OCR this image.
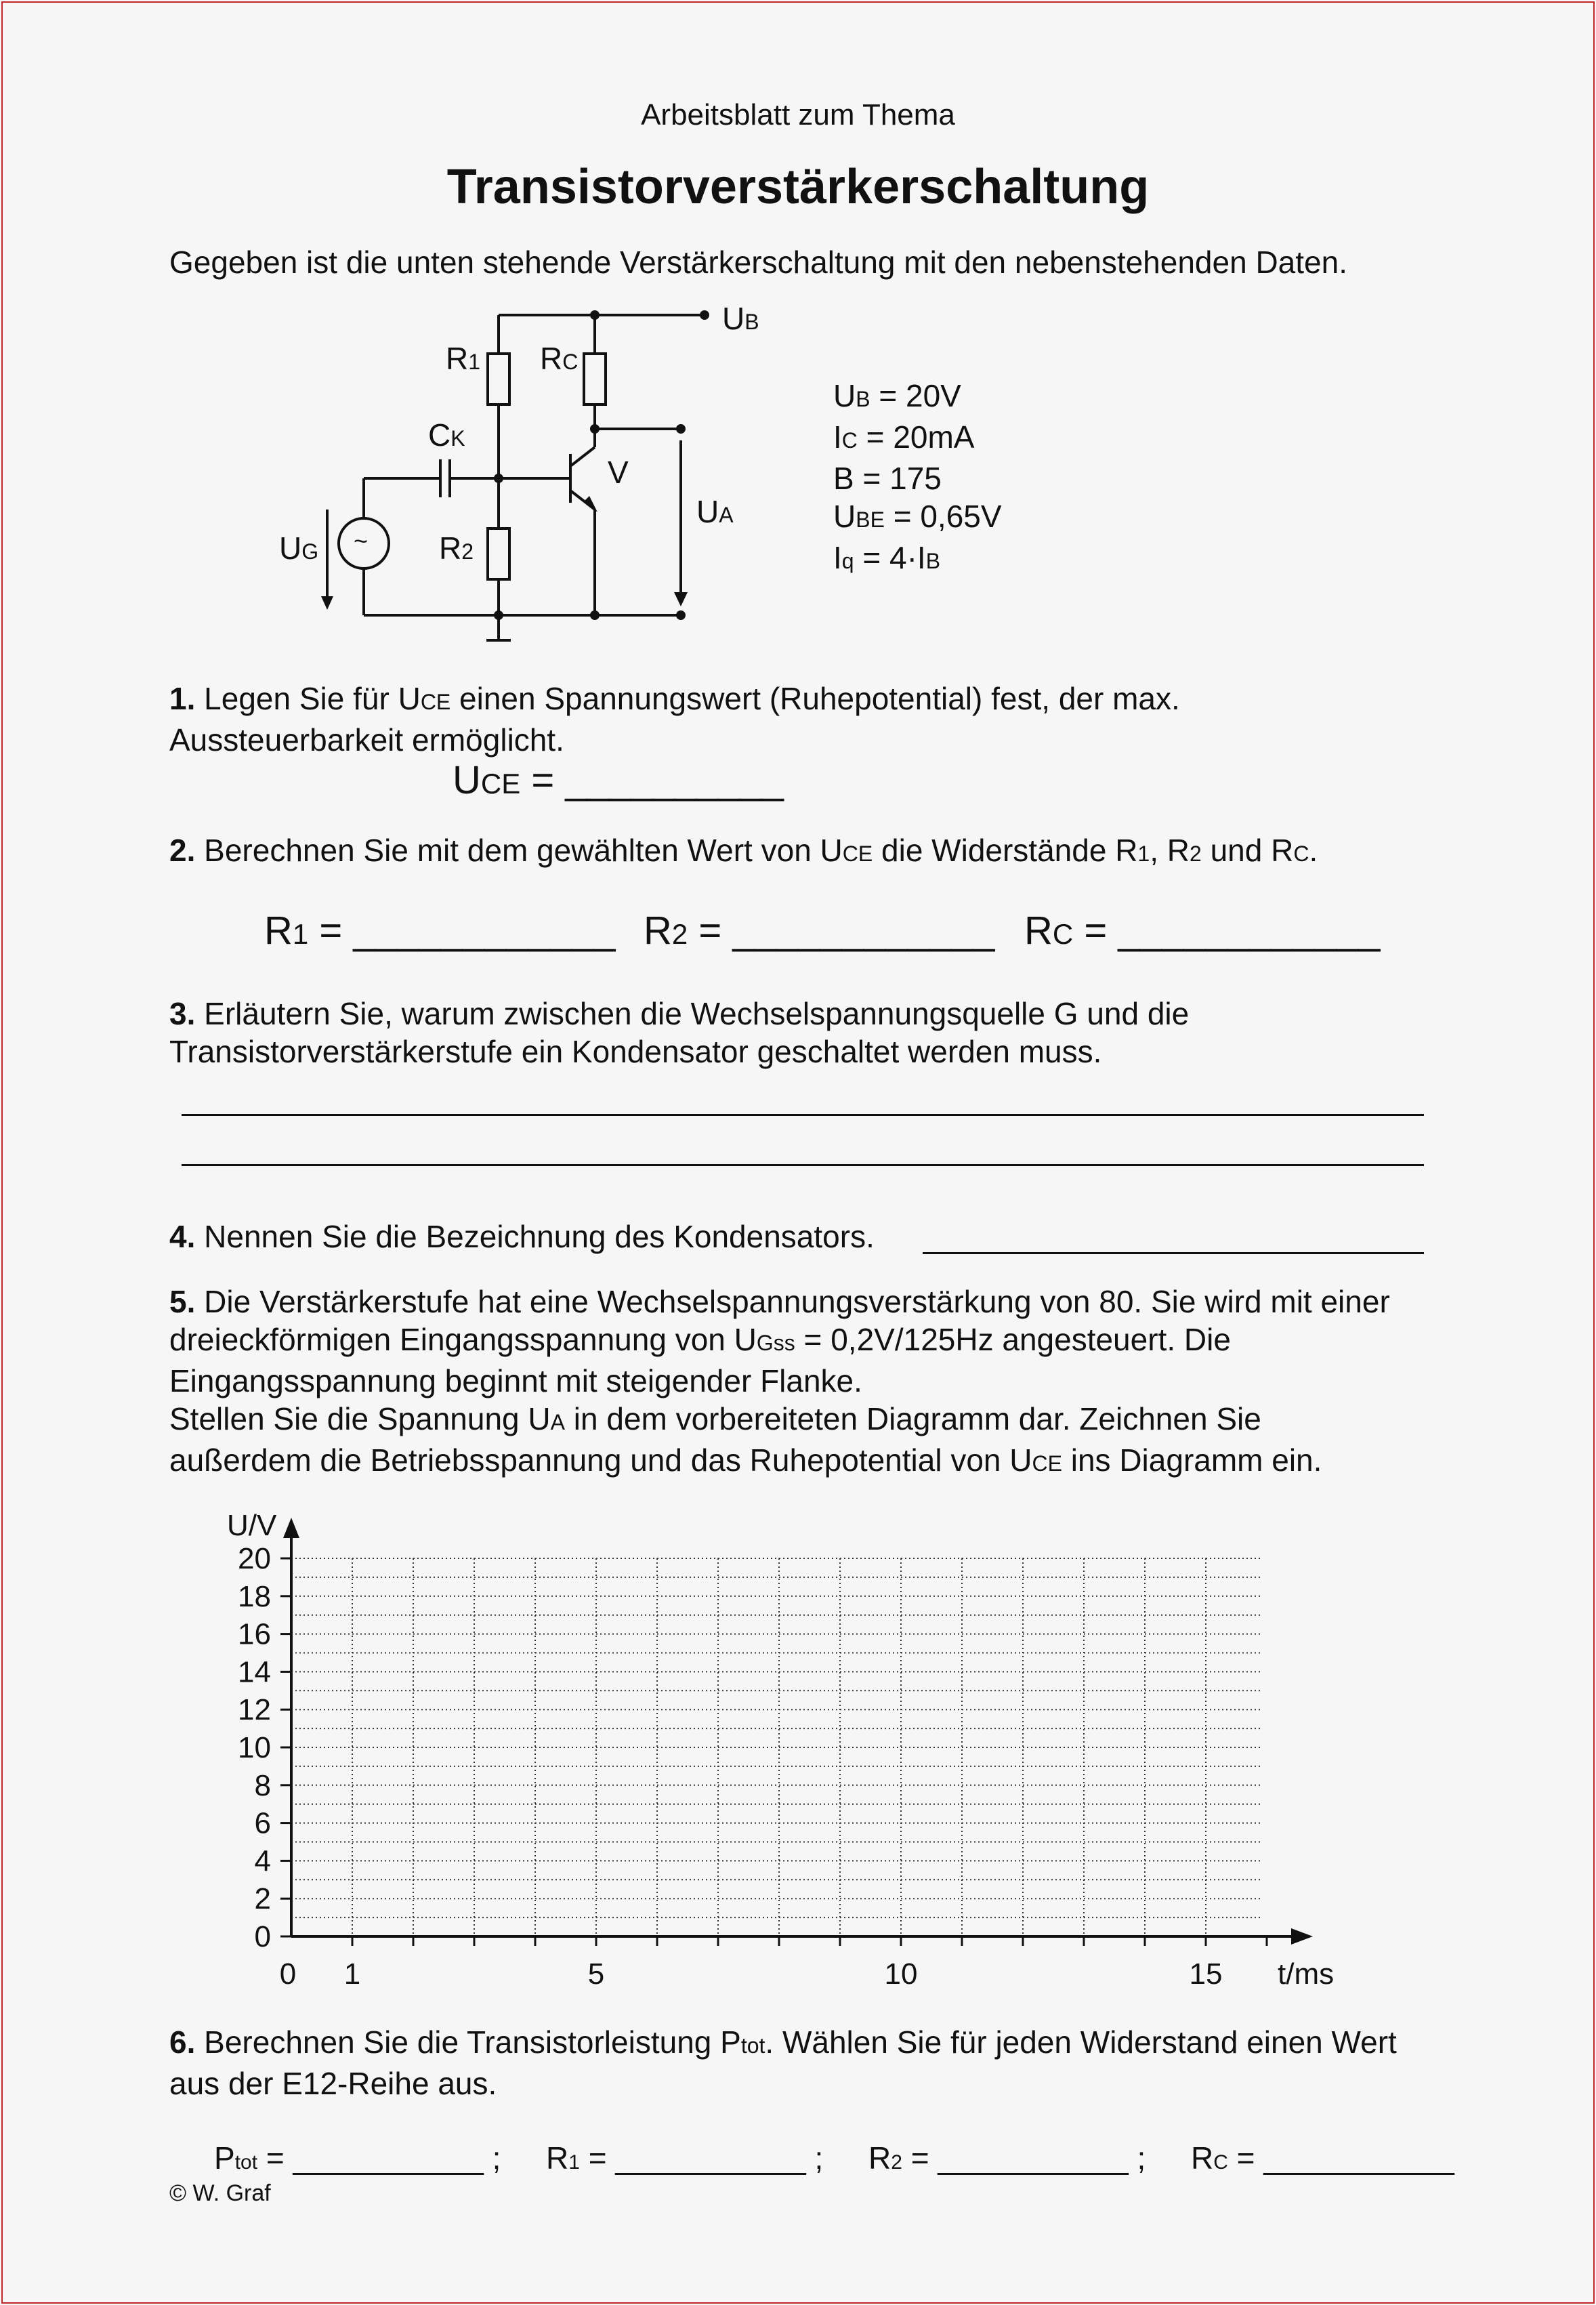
Arbeitsblatt zum Thema
Transistorverstärkerschaltung
Gegeben ist die unten stehende Verstärkerschaltung mit den nebenstehenden Daten.
~
UB
R1 RC
CK
V
UA
UG	R2
UB = 20V
IC = 20mA
B = 175
UBE = 0,65V
Iq = 4·IB
1. Legen Sie für UCE einen Spannungswert (Ruhepotential) fest, der max.
Aussteuerbarkeit ermöglicht.
UCE = __________
2. Berechnen Sie mit dem gewählten Wert von UCE die Widerstände R1, R2 und RC.
R1 = ____________ R2 = ____________ RC = ____________
3. Erläutern Sie, warum zwischen die Wechselspannungsquelle G und die
Transistorverstärkerstufe ein Kondensator geschaltet werden muss.
4. Nennen Sie die Bezeichnung des Kondensators.
5. Die Verstärkerstufe hat eine Wechselspannungsverstärkung von 80. Sie wird mit einer
dreieckförmigen Eingangsspannung von UGss = 0,2V/125Hz angesteuert. Die
Eingangsspannung beginnt mit steigender Flanke.
Stellen Sie die Spannung UA in dem vorbereiteten Diagramm dar. Zeichnen Sie
außerdem die Betriebsspannung und das Ruhepotential von UCE ins Diagramm ein.
20
18
16
14
12
10
8
6
4
2
0
0 1	5	10	15
U/V
t/ms
6. Berechnen Sie die Transistorleistung Ptot. Wählen Sie für jeden Widerstand einen Wert
aus der E12-Reihe aus.
Ptot = ___________ ; R1 = ___________ ; R2 = ___________ ; RC = ___________
© W. Graf
